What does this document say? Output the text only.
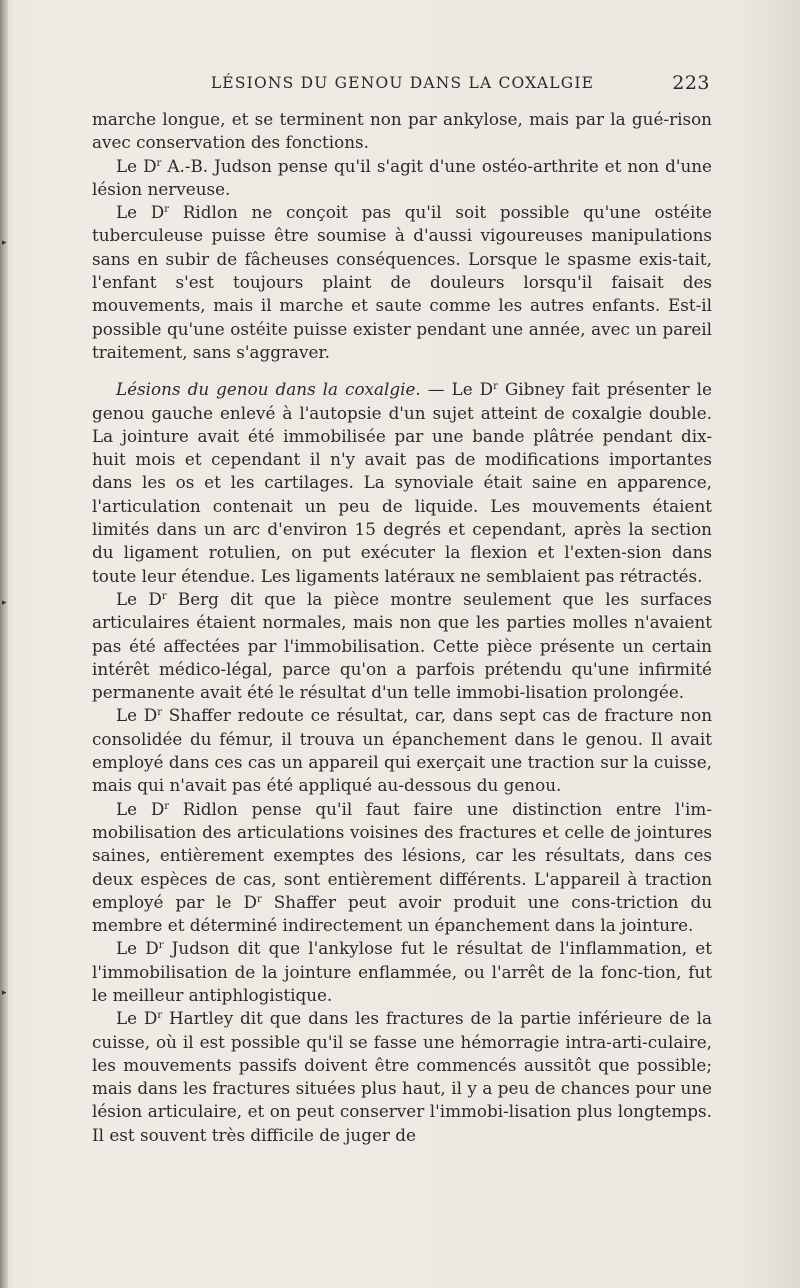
LÉSIONS DU GENOU DANS LA COXALGIE	223

marche longue, et se terminent non par ankylose, mais par la gué-rison avec conservation des fonctions.

Le $D^r$ A.-B. Judson pense qu'il s'agit d'une ostéo-arthrite et non d'une lésion nerveuse.

Le $D^r$ Ridlon ne conçoit pas qu'il soit possible qu'une ostéite tuberculeuse puisse être soumise à d'aussi vigoureuses manipulations sans en subir de fâcheuses conséquences. Lorsque le spasme exis-tait, l'enfant s'est toujours plaint de douleurs lorsqu'il faisait des mouvements, mais il marche et saute comme les autres enfants. Est-il possible qu'une ostéite puisse exister pendant une année, avec un pareil traitement, sans s'aggraver.

Lésions du genou dans la coxalgie. — Le $D^r$ Gibney fait présenter le genou gauche enlevé à l'autopsie d'un sujet atteint de coxalgie double. La jointure avait été immobilisée par une bande plâtrée pendant dix-huit mois et cependant il n'y avait pas de modifications importantes dans les os et les cartilages. La synoviale était saine en apparence, l'articulation contenait un peu de liquide. Les mouvements étaient limités dans un arc d'environ 15 degrés et cependant, après la section du ligament rotulien, on put exécuter la flexion et l'exten-sion dans toute leur étendue. Les ligaments latéraux ne semblaient pas rétractés.

Le $D^r$ Berg dit que la pièce montre seulement que les surfaces articulaires étaient normales, mais non que les parties molles n'avaient pas été affectées par l'immobilisation. Cette pièce présente un certain intérêt médico-légal, parce qu'on a parfois prétendu qu'une infirmité permanente avait été le résultat d'un telle immobi-lisation prolongée.

Le $D^r$ Shaffer redoute ce résultat, car, dans sept cas de fracture non consolidée du fémur, il trouva un épanchement dans le genou. Il avait employé dans ces cas un appareil qui exerçait une traction sur la cuisse, mais qui n'avait pas été appliqué au-dessous du genou.

Le $D^r$ Ridlon pense qu'il faut faire une distinction entre l'im-mobilisation des articulations voisines des fractures et celle de jointures saines, entièrement exemptes des lésions, car les résultats, dans ces deux espèces de cas, sont entièrement différents. L'appareil à traction employé par le $D^r$ Shaffer peut avoir produit une cons-triction du membre et déterminé indirectement un épanchement dans la jointure.

Le $D^r$ Judson dit que l'ankylose fut le résultat de l'inflammation, et l'immobilisation de la jointure enflammée, ou l'arrêt de la fonc-tion, fut le meilleur antiphlogistique.

Le $D^r$ Hartley dit que dans les fractures de la partie inférieure de la cuisse, où il est possible qu'il se fasse une hémorragie intra-arti-culaire, les mouvements passifs doivent être commencés aussitôt que possible; mais dans les fractures situées plus haut, il y a peu de chances pour une lésion articulaire, et on peut conserver l'immobi-lisation plus longtemps. Il est souvent très difficile de juger de

▸
▸
▸
